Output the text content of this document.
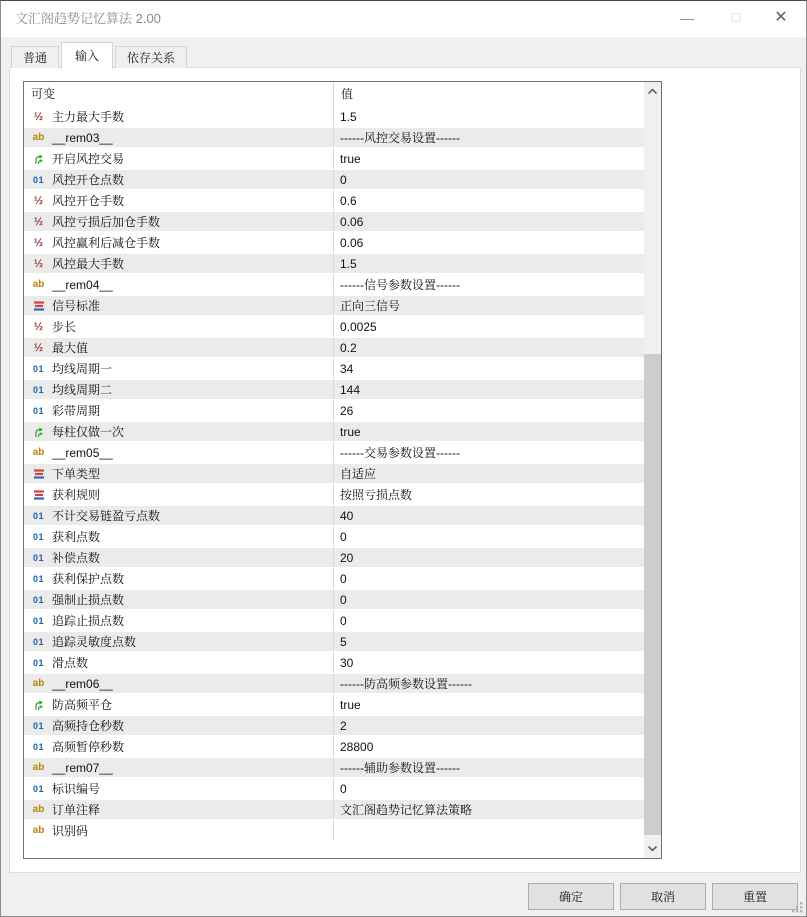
文汇阁趋势记忆算法 2.00	—	☐	✕
普通	输入	依存关系
可变	值
½ 主力最大手数	1.5
ab __rem03__	------风控交易设置------
开启风控交易	true
01 风控开仓点数	0
½ 风控开仓手数	0.6
½ 风控亏损后加仓手数	0.06
½ 风控赢利后减仓手数	0.06
½ 风控最大手数	1.5
ab __rem04__	------信号参数设置------
信号标准	正向三信号
½ 步长	0.0025
½ 最大值	0.2
01 均线周期一	34
01 均线周期二	144
01 彩带周期	26
每柱仅做一次	true
ab __rem05__	------交易参数设置------
下单类型	自适应
获利规则	按照亏损点数
01 不计交易链盈亏点数	40
01 获利点数	0
01 补偿点数	20
01 获利保护点数	0
01 强制止损点数	0
01 追踪止损点数	0
01 追踪灵敏度点数	5
01 滑点数	30
ab __rem06__	------防高频参数设置------
防高频平仓	true
01 高频持仓秒数	2
01 高频暂停秒数	28800
ab __rem07__	------辅助参数设置------
01 标识编号	0
ab 订单注释	文汇阁趋势记忆算法策略
ab 识别码
确定	取消	重置
